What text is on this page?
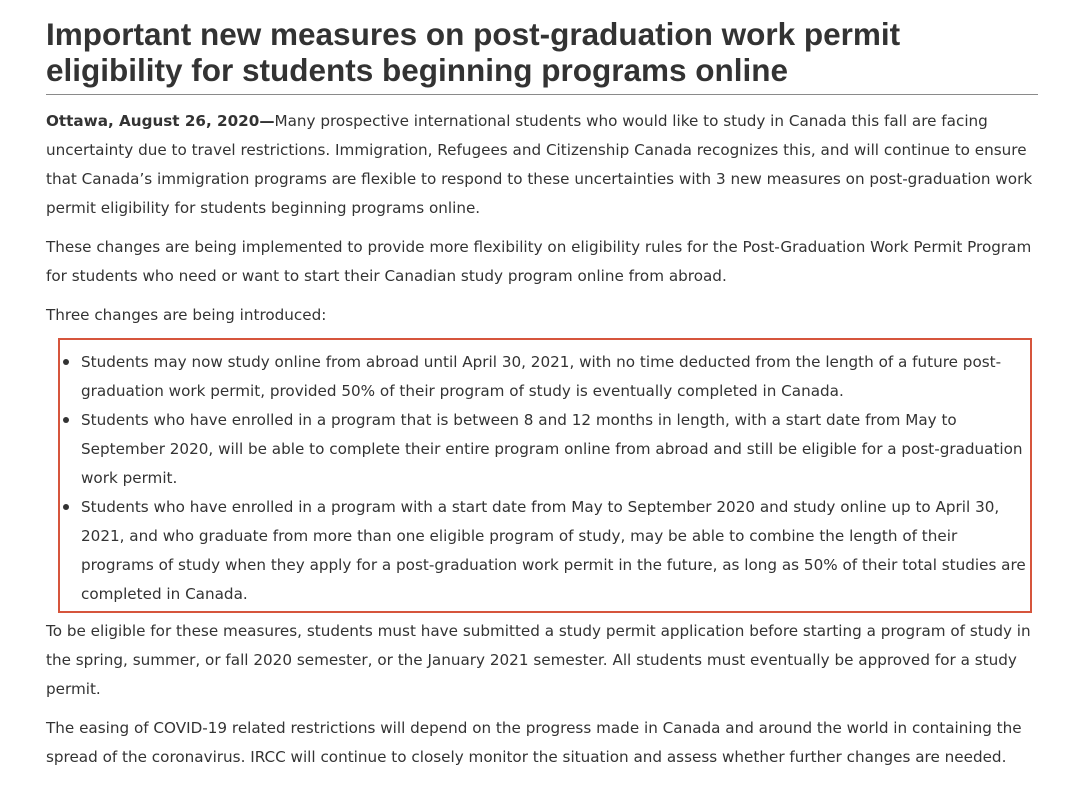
Important new measures on post-graduation work permit eligibility for students beginning programs online

Ottawa, August 26, 2020—Many prospective international students who would like to study in Canada this fall are facing uncertainty due to travel restrictions. Immigration, Refugees and Citizenship Canada recognizes this, and will continue to ensure that Canada’s immigration programs are flexible to respond to these uncertainties with 3 new measures on post-graduation work permit eligibility for students beginning programs online.

These changes are being implemented to provide more flexibility on eligibility rules for the Post-Graduation Work Permit Program for students who need or want to start their Canadian study program online from abroad.

Three changes are being introduced:

Students may now study online from abroad until April 30, 2021, with no time deducted from the length of a future post-graduation work permit, provided 50% of their program of study is eventually completed in Canada.
Students who have enrolled in a program that is between 8 and 12 months in length, with a start date from May to September 2020, will be able to complete their entire program online from abroad and still be eligible for a post-graduation work permit.
Students who have enrolled in a program with a start date from May to September 2020 and study online up to April 30, 2021, and who graduate from more than one eligible program of study, may be able to combine the length of their programs of study when they apply for a post-graduation work permit in the future, as long as 50% of their total studies are completed in Canada.

To be eligible for these measures, students must have submitted a study permit application before starting a program of study in the spring, summer, or fall 2020 semester, or the January 2021 semester. All students must eventually be approved for a study permit.

The easing of COVID-19 related restrictions will depend on the progress made in Canada and around the world in containing the spread of the coronavirus. IRCC will continue to closely monitor the situation and assess whether further changes are needed.
